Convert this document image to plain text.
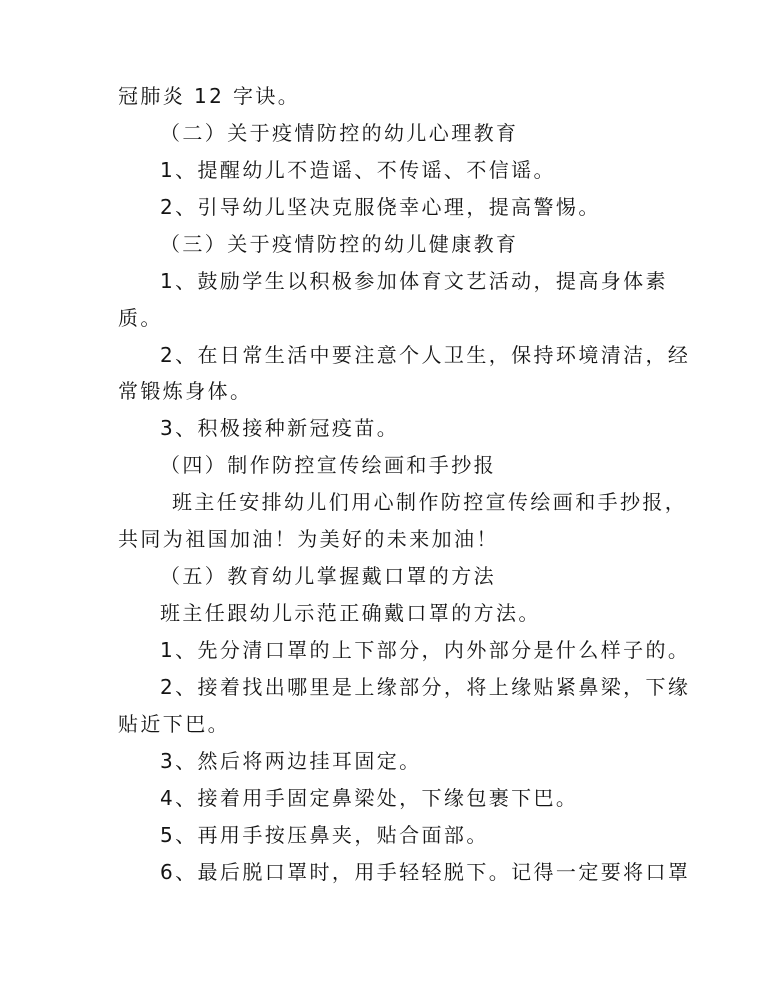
冠肺炎 12 字诀。
（二）关于疫情防控的幼儿心理教育
1、提醒幼儿不造谣、不传谣、不信谣。
2、引导幼儿坚决克服侥幸心理，提高警惕。
（三）关于疫情防控的幼儿健康教育
1、鼓励学生以积极参加体育文艺活动，提高身体素
质。
2、在日常生活中要注意个人卫生，保持环境清洁，经
常锻炼身体。
3、积极接种新冠疫苗。
（四）制作防控宣传绘画和手抄报
班主任安排幼儿们用心制作防控宣传绘画和手抄报，
共同为祖国加油！为美好的未来加油！
（五）教育幼儿掌握戴口罩的方法
班主任跟幼儿示范正确戴口罩的方法。
1、先分清口罩的上下部分，内外部分是什么样子的。
2、接着找出哪里是上缘部分，将上缘贴紧鼻梁，下缘
贴近下巴。
3、然后将两边挂耳固定。
4、接着用手固定鼻梁处，下缘包裹下巴。
5、再用手按压鼻夹，贴合面部。
6、最后脱口罩时，用手轻轻脱下。记得一定要将口罩
